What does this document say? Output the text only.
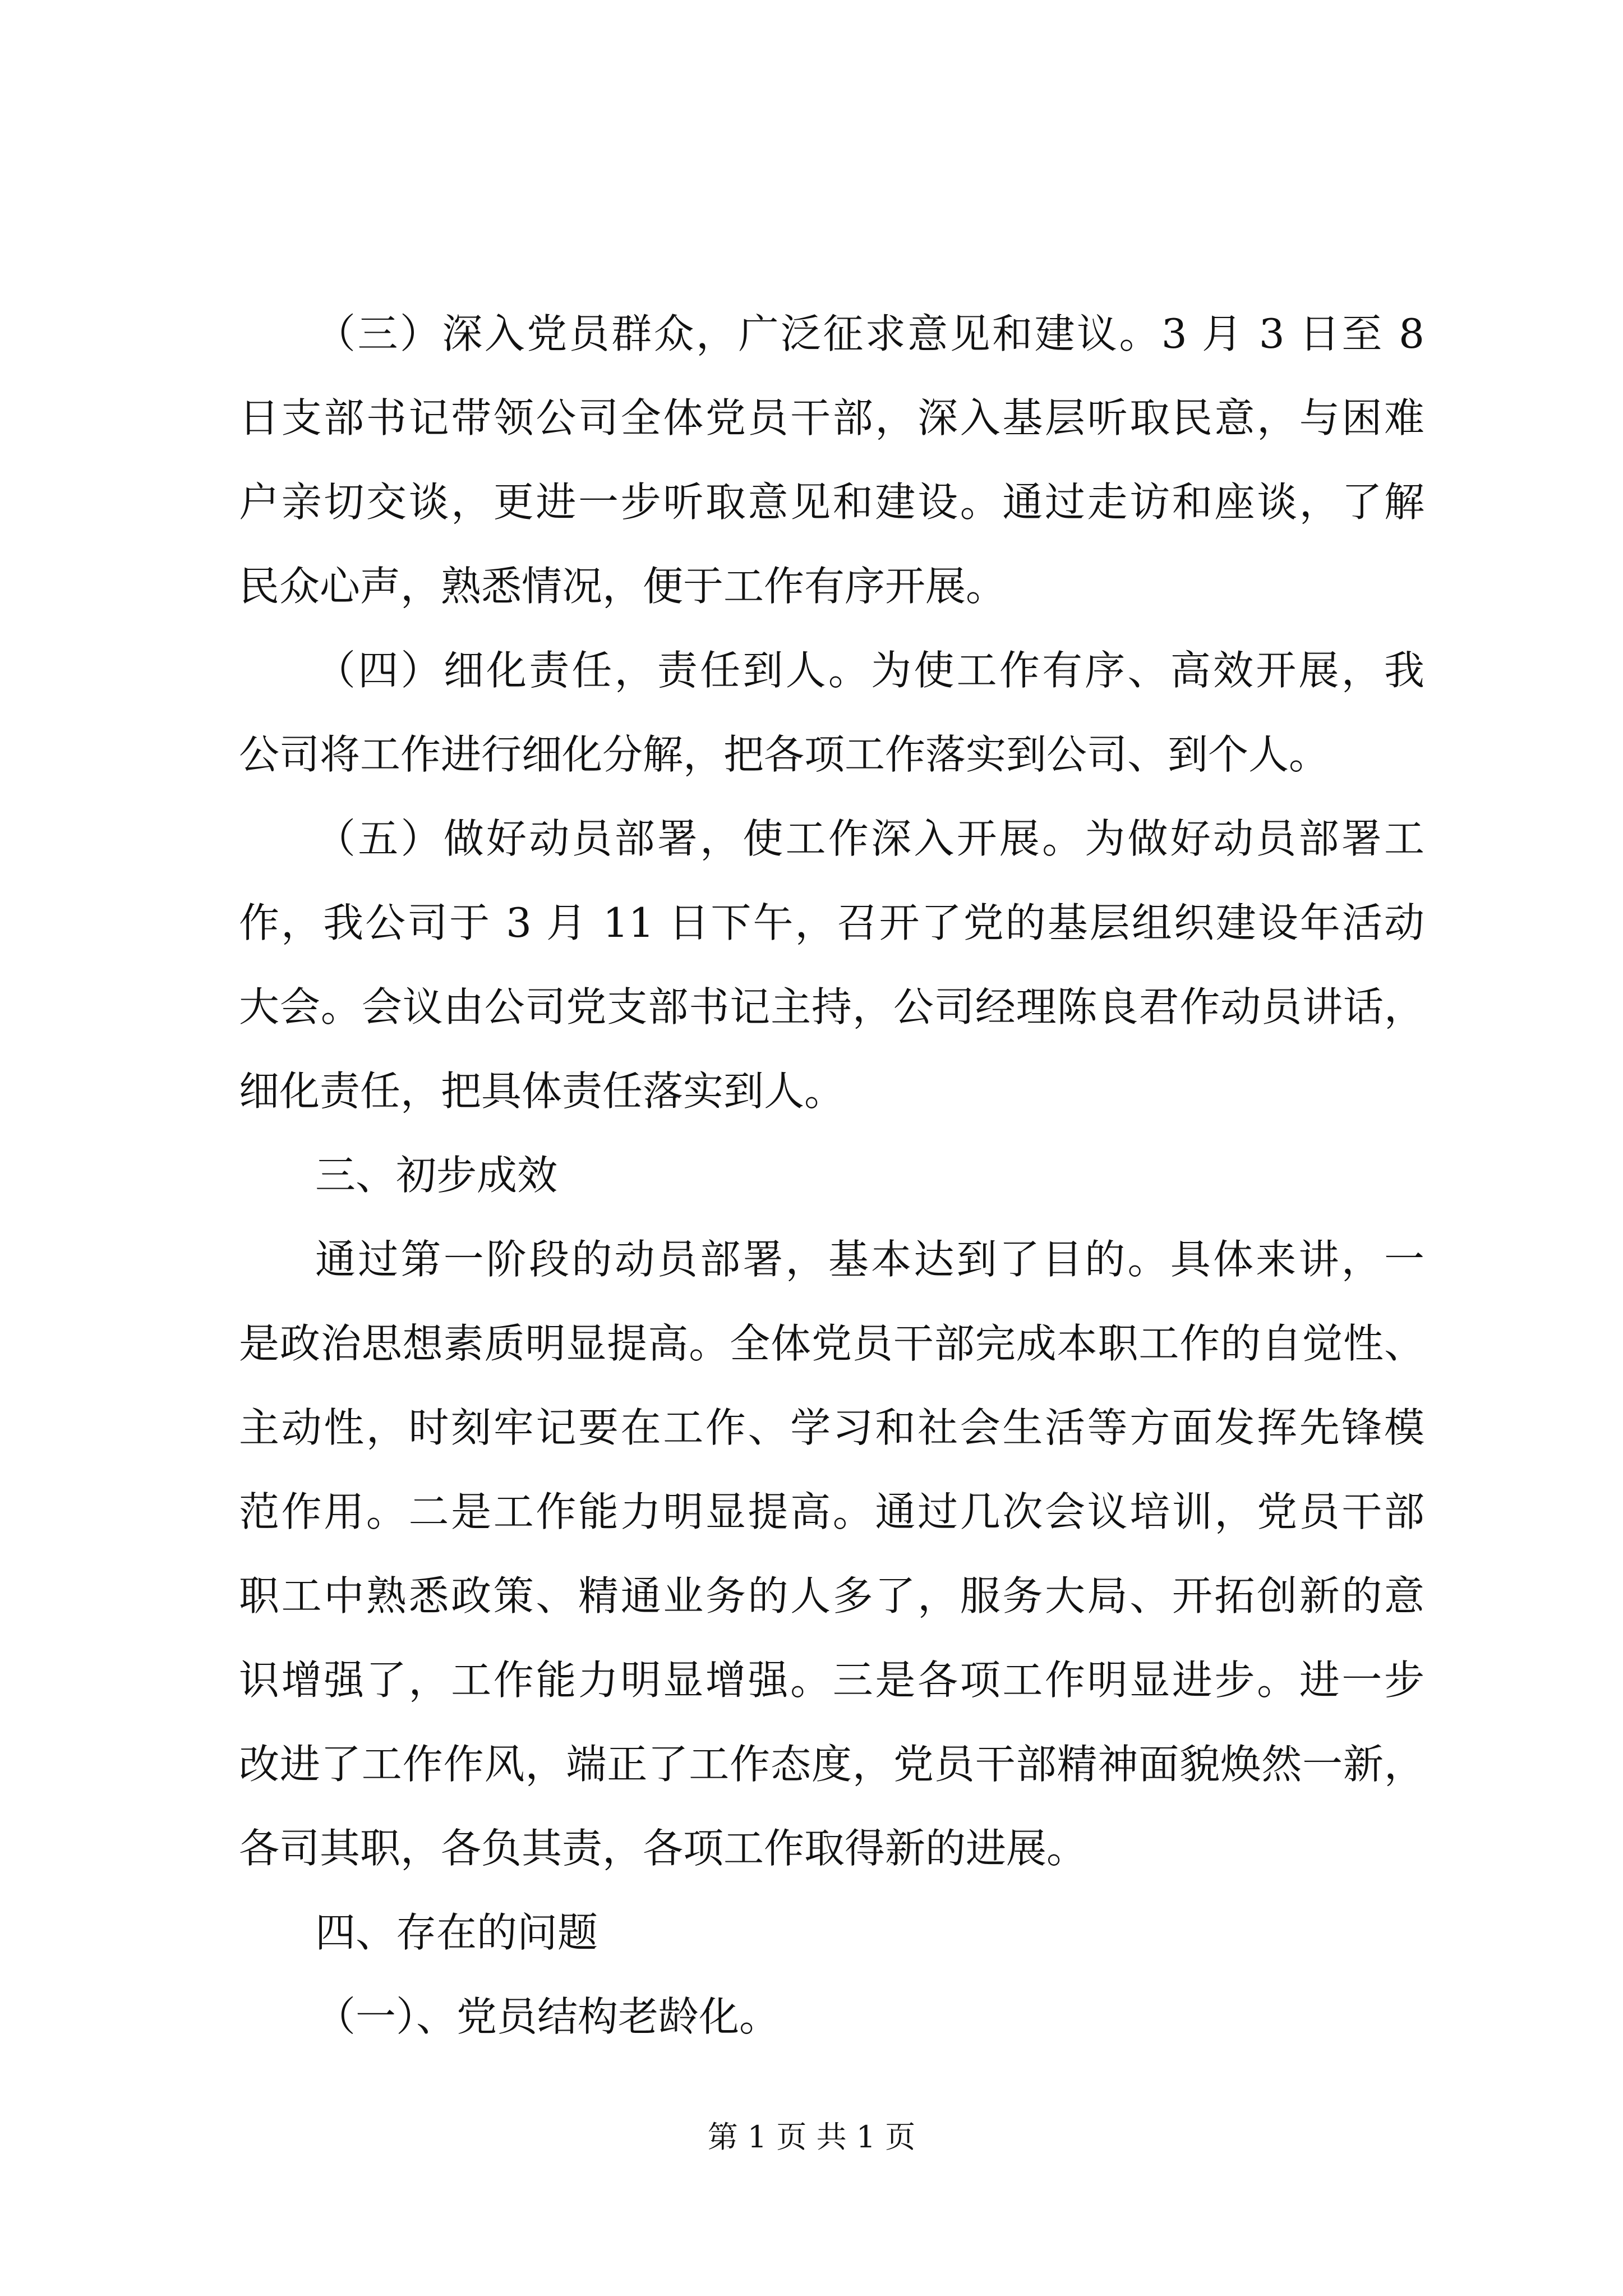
（三）深入党员群众，广泛征求意见和建议。3 月 3 日至 8
日支部书记带领公司全体党员干部，深入基层听取民意，与困难
户亲切交谈，更进一步听取意见和建设。通过走访和座谈，了解
民众心声，熟悉情况，便于工作有序开展。
（四）细化责任，责任到人。为使工作有序、高效开展，我
公司将工作进行细化分解，把各项工作落实到公司、到个人。
（五）做好动员部署，使工作深入开展。为做好动员部署工
作，我公司于 3 月 11 日下午，召开了党的基层组织建设年活动
大会。会议由公司党支部书记主持，公司经理陈良君作动员讲话，
细化责任，把具体责任落实到人。
三、初步成效
通过第一阶段的动员部署，基本达到了目的。具体来讲，一
是政治思想素质明显提高。全体党员干部完成本职工作的自觉性、
主动性，时刻牢记要在工作、学习和社会生活等方面发挥先锋模
范作用。二是工作能力明显提高。通过几次会议培训，党员干部
职工中熟悉政策、精通业务的人多了，服务大局、开拓创新的意
识增强了，工作能力明显增强。三是各项工作明显进步。进一步
改进了工作作风，端正了工作态度，党员干部精神面貌焕然一新，
各司其职，各负其责，各项工作取得新的进展。
四、存在的问题
（一）、党员结构老龄化。
第 1 页 共 1 页
